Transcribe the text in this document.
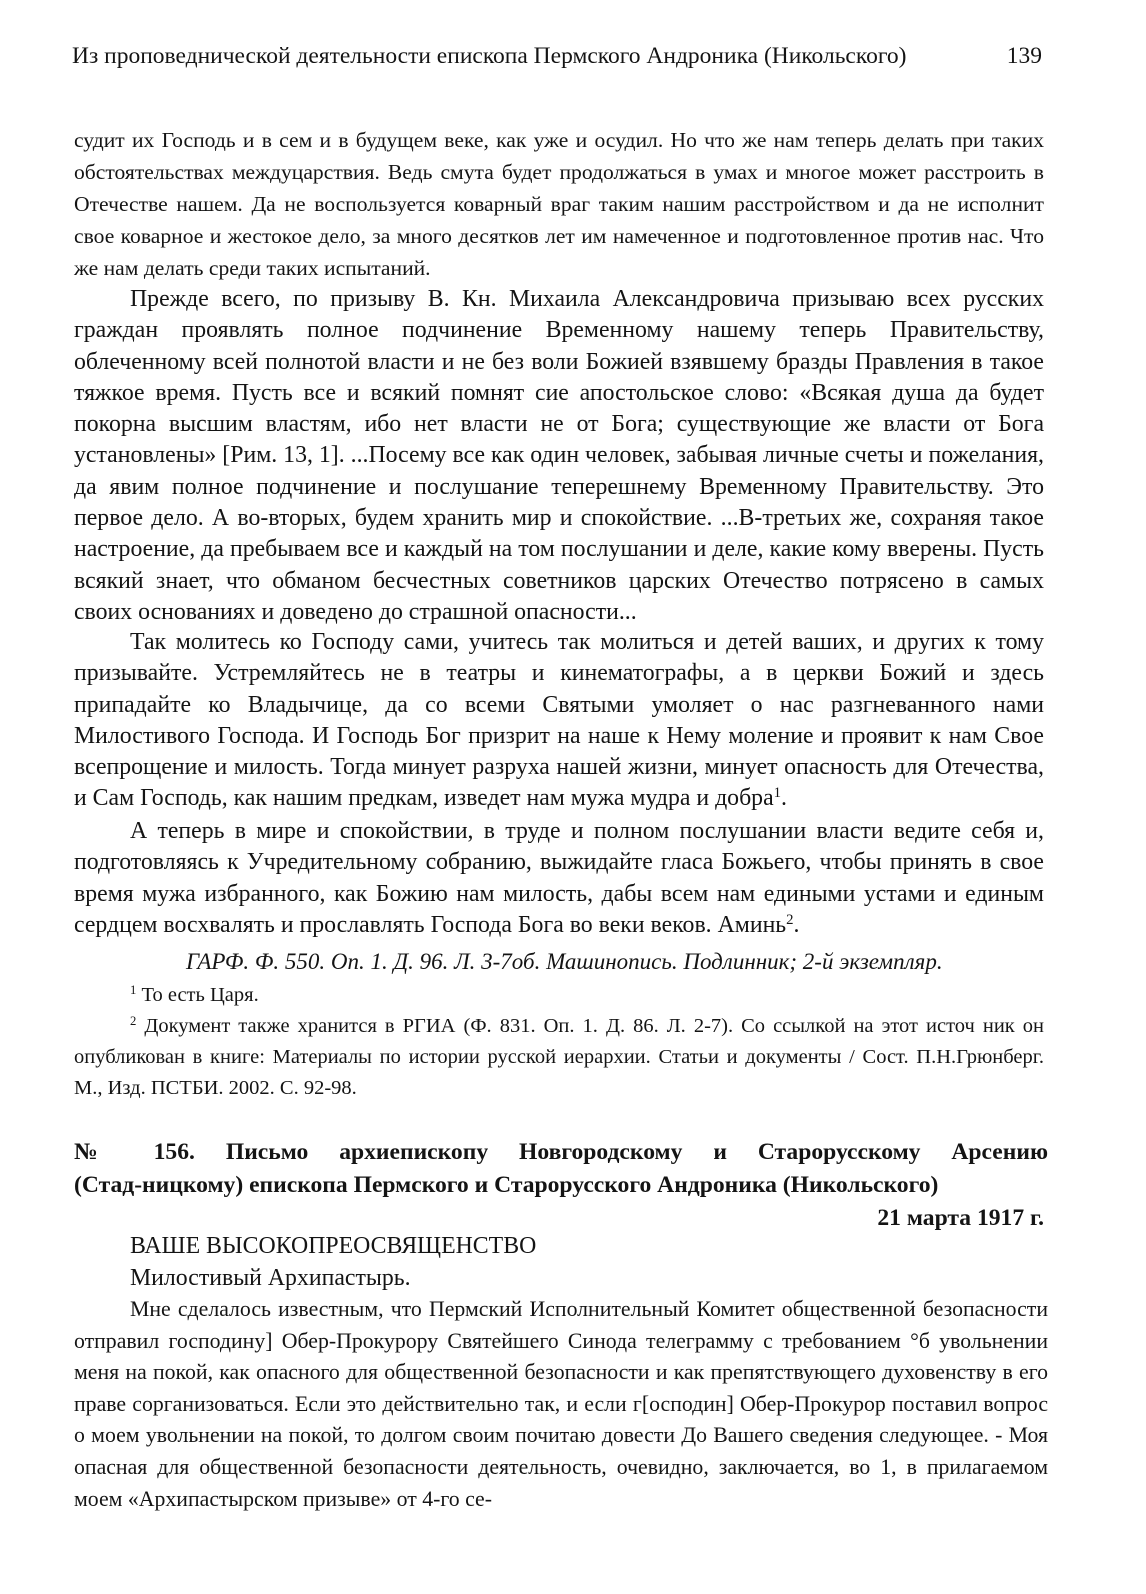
Из проповеднической деятельности епископа Пермского Андроника (Никольского)	139

судит их Господь и в сем и в будущем веке, как уже и осудил. Но что же нам теперь делать при таких обстоятельствах междуцарствия. Ведь смута будет продолжаться в умах и многое может расстроить в Отечестве нашем. Да не воспользуется коварный враг таким нашим расстройством и да не исполнит свое коварное и жестокое дело, за много десятков лет им намеченное и подготовленное против нас. Что же нам делать среди таких испытаний.

Прежде всего, по призыву В. Кн. Михаила Александровича призываю всех русских граждан проявлять полное подчинение Временному нашему теперь Правительству, облеченному всей полнотой власти и не без воли Божией взявшему бразды Правления в такое тяжкое время. Пусть все и всякий помнят сие апостольское слово: «Всякая душа да будет покорна высшим властям, ибо нет власти не от Бога; существующие же власти от Бога установлены» [Рим. 13, 1]. ...Посему все как один человек, забывая личные счеты и пожелания, да явим полное подчинение и послушание теперешнему Временному Правительству. Это первое дело. А во-вторых, будем хранить мир и спокойствие. ...В-третьих же, сохраняя такое настроение, да пребываем все и каждый на том послушании и деле, какие кому вверены. Пусть всякий знает, что обманом бесчестных советников царских Отечество потрясено в самых своих основаниях и доведено до страшной опасности...

Так молитесь ко Господу сами, учитесь так молиться и детей ваших, и других к тому призывайте. Устремляйтесь не в театры и кинематографы, а в церкви Божий и здесь припадайте ко Владычице, да со всеми Святыми умоляет о нас разгневанного нами Милостивого Господа. И Господь Бог призрит на наше к Нему моление и проявит к нам Свое всепрощение и милость. Тогда минует разруха нашей жизни, минует опасность для Отечества, и Сам Господь, как нашим предкам, изведет нам мужа мудра и добра$^1$.

А теперь в мире и спокойствии, в труде и полном послушании власти ведите себя и, подготовляясь к Учредительному собранию, выжидайте гласа Божьего, чтобы принять в свое время мужа избранного, как Божию нам милость, дабы всем нам едиными устами и единым сердцем восхвалять и прославлять Господа Бога во веки веков. Аминь$^2$.

ГАРФ. Ф. 550. Оп. 1. Д. 96. Л. 3-7об. Машинопись. Подлинник; 2-й экземпляр.
$^1$ То есть Царя.

$^2$ Документ также хранится в РГИА (Ф. 831. Оп. 1. Д. 86. Л. 2-7). Со ссылкой на этот источ ник он опубликован в книге: Материалы по истории русской иерархии. Статьи и документы / Сост. П.Н.Грюнберг. М., Изд. ПСТБИ. 2002. С. 92-98.

№ 156. Письмо архиепископу Новгородскому и Старорусскому Арсению
(Стад-ницкому) епископа Пермского и Старорусского Андроника (Никольского)
21 марта 1917 г.
ВАШЕ ВЫСОКОПРЕОСВЯЩЕНСТВО
Милостивый Архипастырь.

Мне сделалось известным, что Пермский Исполнительный Комитет общественной безопасности отправил господину] Обер-Прокурору Святейшего Синода телеграмму с требованием °б увольнении меня на покой, как опасного для общественной безопасности и как препятствующего духовенству в его праве сорганизоваться. Если это действительно так, и если г[осподин] Обер-Прокурор поставил вопрос о моем увольнении на покой, то долгом своим почитаю довести До Вашего сведения следующее. - Моя опасная для общественной безопасности деятельность, очевидно, заключается, во 1, в прилагаемом моем «Архипастырском призыве» от 4-го се-
